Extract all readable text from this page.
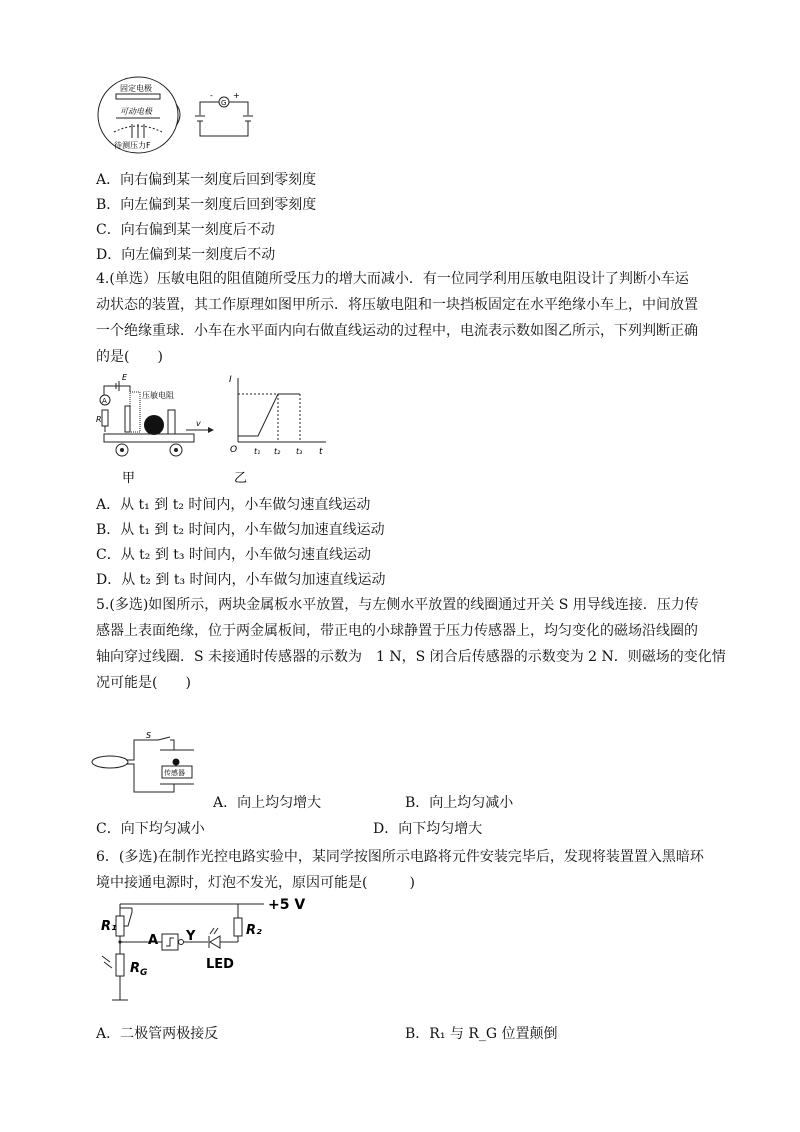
固定电极
可动电极
待测压力F
G
-	+
A．向右偏到某一刻度后回到零刻度
B．向左偏到某一刻度后回到零刻度
C．向右偏到某一刻度后不动
D．向左偏到某一刻度后不动
4.(单选）压敏电阻的阻值随所受压力的增大而减小．有一位同学利用压敏电阻设计了判断小车运
动状态的装置，其工作原理如图甲所示．将压敏电阻和一块挡板固定在水平绝缘小车上，中间放置
一个绝缘重球．小车在水平面内向右做直线运动的过程中，电流表示数如图乙所示，下列判断正确
的是(　　)
E
A
R
压敏电阻
v
甲
I
t
O t₁ t₂ t₃
乙
A．从 t₁ 到 t₂ 时间内，小车做匀速直线运动
B．从 t₁ 到 t₂ 时间内，小车做匀加速直线运动
C．从 t₂ 到 t₃ 时间内，小车做匀速直线运动
D．从 t₂ 到 t₃ 时间内，小车做匀加速直线运动
5.(多选)如图所示，两块金属板水平放置，与左侧水平放置的线圈通过开关 S 用导线连接．压力传
感器上表面绝缘，位于两金属板间，带正电的小球静置于压力传感器上，均匀变化的磁场沿线圈的
轴向穿过线圈．S 未接通时传感器的示数为　1 N，S 闭合后传感器的示数变为 2 N．则磁场的变化情
况可能是(　　)
S
传感器
A．向上均匀增大	B．向上均匀减小
C．向下均匀减小	D．向下均匀增大
6．(多选)在制作光控电路实验中，某同学按图所示电路将元件安装完毕后，发现将装置置入黑暗环
境中接通电源时，灯泡不发光，原因可能是(　　　)
+5 V
R₁
A Y
LED
R₂
$R_G$
A．二极管两极接反	B．R₁ 与 R_G 位置颠倒
